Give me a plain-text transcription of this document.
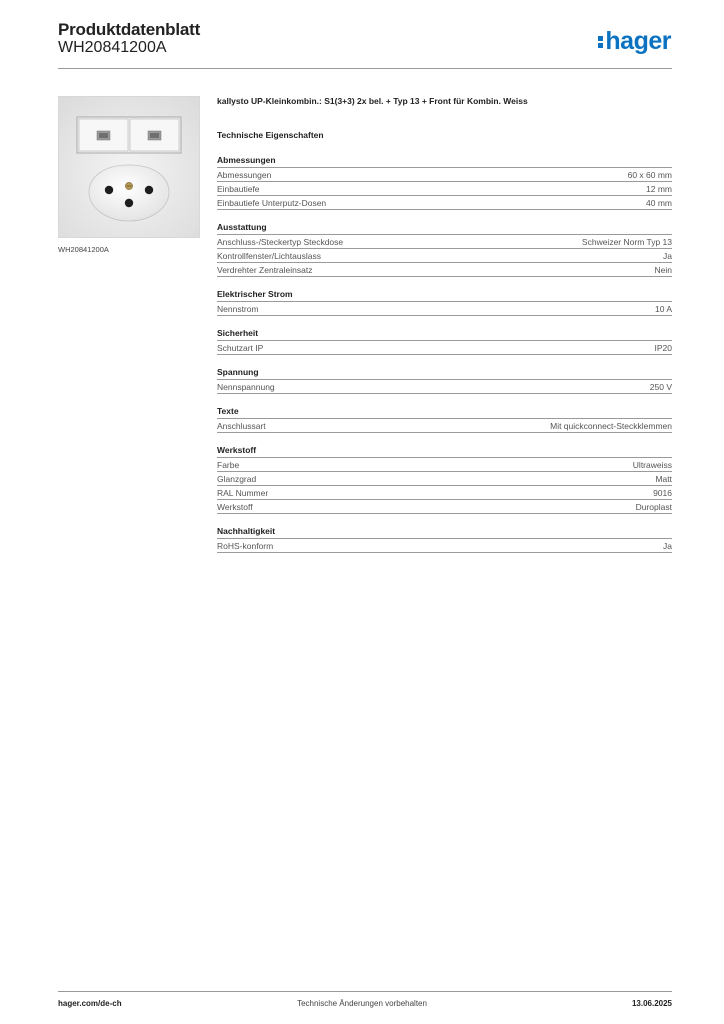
Produktdatenblatt
WH20841200A	hager
WH20841200A
kallysto UP-Kleinkombin.: S1(3+3) 2x bel. + Typ 13 + Front für Kombin. Weiss
Technische Eigenschaften
Abmessungen
Abmessungen	60 x 60 mm
Einbautiefe	12 mm
Einbautiefe Unterputz-Dosen	40 mm
Ausstattung
Anschluss-/Steckertyp Steckdose	Schweizer Norm Typ 13
Kontrollfenster/Lichtauslass	Ja
Verdrehter Zentraleinsatz	Nein
Elektrischer Strom
Nennstrom	10 A
Sicherheit
Schutzart IP	IP20
Spannung
Nennspannung	250 V
Texte
Anschlussart	Mit quickconnect-Steckklemmen
Werkstoff
Farbe	Ultraweiss
Glanzgrad	Matt
RAL Nummer	9016
Werkstoff	Duroplast
Nachhaltigkeit
RoHS-konform	Ja
hager.com/de-ch	Technische Änderungen vorbehalten	13.06.2025
